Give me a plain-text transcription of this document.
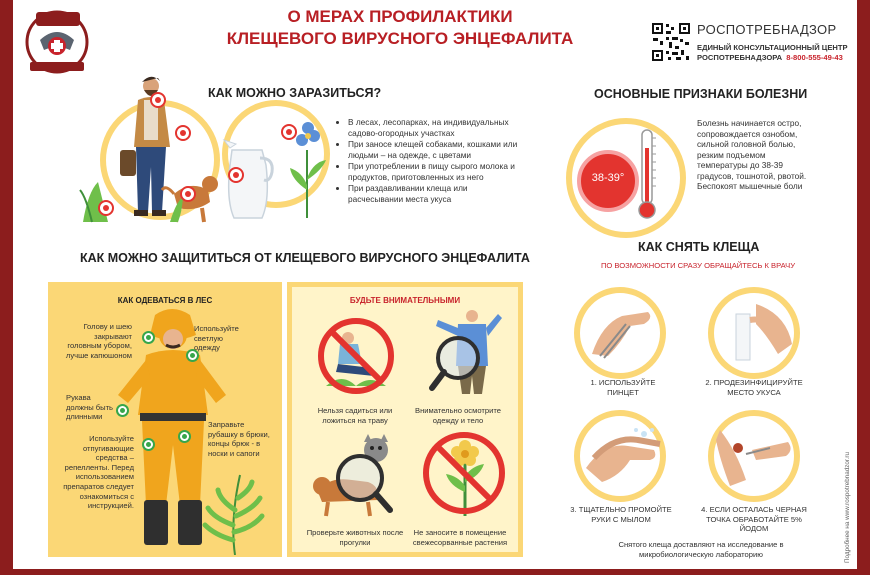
О МЕРАХ ПРОФИЛАКТИКИ
КЛЕЩЕВОГО ВИРУСНОГО ЭНЦЕФАЛИТА	РОСПОТРЕБНАДЗОР
ЕДИНЫЙ КОНСУЛЬТАЦИОННЫЙ ЦЕНТР
РОСПОТРЕБНАДЗОРА 8-800-555-49-43
КАК МОЖНО ЗАРАЗИТЬСЯ?
• В лесах, лесопарках, на индивидуальных садово-огородных участках
• При заносе клещей собаками, кошками или людьми – на одежде, с цветами
• При употреблении в пищу сырого молока и продуктов, приготовленных из него
• При раздавливании клеща или расчесывании места укуса
ОСНОВНЫЕ ПРИЗНАКИ БОЛЕЗНИ
38-39°
Болезнь начинается остро, сопровождается ознобом, сильной головной болью, резким подъемом температуры до 38-39 градусов, тошнотой, рвотой. Беспокоят мышечные боли
КАК МОЖНО ЗАЩИТИТЬСЯ ОТ КЛЕЩЕВОГО ВИРУСНОГО ЭНЦЕФАЛИТА
КАК ОДЕВАТЬСЯ В ЛЕС
Голову и шею закрывают головным убором, лучше капюшоном
Используйте светлую одежду
Рукава должны быть длинными
Используйте отпугивающие средства – репелленты. Перед использованием препаратов следует ознакомиться с инструкцией.
Заправьте рубашку в брюки, концы брюк - в носки и сапоги
БУДЬТЕ ВНИМАТЕЛЬНЫМИ
Нельзя садиться или ложиться на траву
Внимательно осмотрите одежду и тело
Проверьте животных после прогулки
Не заносите в помещение свежесорванные растения
КАК СНЯТЬ КЛЕЩА
ПО ВОЗМОЖНОСТИ СРАЗУ ОБРАЩАЙТЕСЬ К ВРАЧУ
1. ИСПОЛЬЗУЙТЕ ПИНЦЕТ
2. ПРОДЕЗИНФИЦИРУЙТЕ МЕСТО УКУСА
3. ТЩАТЕЛЬНО ПРОМОЙТЕ РУКИ С МЫЛОМ
4. ЕСЛИ ОСТАЛАСЬ ЧЕРНАЯ ТОЧКА ОБРАБОТАЙТЕ 5% ЙОДОМ
Снятого клеща доставляют на исследование в микробиологическую лабораторию	Подробнее на www.rospotrebnadzor.ru
